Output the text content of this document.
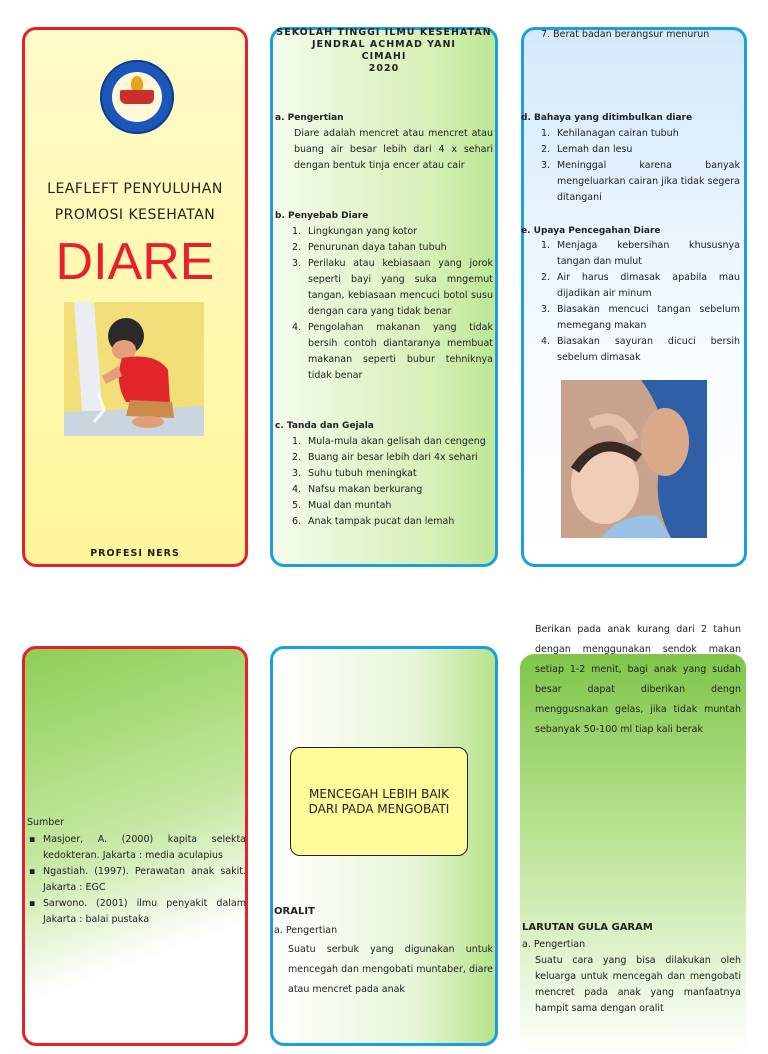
LEAFLEFT PENYULUHAN
PROMOSI KESEHATAN
DIARE
PROFESI NERS
SEKOLAH TINGGI ILMU KESEHATAN
JENDRAL ACHMAD YANI
CIMAHI
2020
a. Pengertian
Diare adalah mencret atau mencret atau buang air besar lebih dari 4 x sehari dengan bentuk tinja encer atau cair
b. Penyebab Diare
1. Lingkungan yang kotor
2. Penurunan daya tahan tubuh
3. Perilaku atau kebiasaan yang jorok seperti bayi yang suka mngemut tangan, kebiasaan mencuci botol susu dengan cara yang tidak benar
4. Pengolahan makanan yang tidak bersih contoh diantaranya membuat makanan seperti bubur tehniknya tidak benar
c. Tanda dan Gejala
1. Mula-mula akan gelisah dan cengeng
2. Buang air besar lebih dari 4x sehari
3. Suhu tubuh meningkat
4. Nafsu makan berkurang
5. Mual dan muntah
6. Anak tampak pucat dan lemah
7. Berat badan berangsur menurun
d. Bahaya yang ditimbulkan diare
1. Kehilanagan cairan tubuh
2. Lemah dan lesu
3. Meninggal karena banyak mengeluarkan cairan jika tidak segera ditangani
e. Upaya Pencegahan Diare
1. Menjaga kebersihan khususnya tangan dan mulut
2. Air harus dimasak apabila mau dijadikan air minum
3. Biasakan mencuci tangan sebelum memegang makan
4. Biasakan sayuran dicuci bersih sebelum dimasak
Sumber
▪ Masjoer, A. (2000) kapita selekta kedokteran. Jakarta : media aculapius
▪ Ngastiah. (1997). Perawatan anak sakit. Jakarta : EGC
▪ Sarwono. (2001) ilmu penyakit dalam Jakarta : balai pustaka
MENCEGAH LEBIH BAIK DARI PADA MENGOBATI
ORALIT
a. Pengertian
Suatu serbuk yang digunakan untuk mencegah dan mengobati muntaber, diare atau mencret pada anak
Berikan pada anak kurang dari 2 tahun dengan menggunakan sendok makan setiap 1-2 menit, bagi anak yang sudah besar dapat diberikan dengn menggusnakan gelas, jika tidak muntah sebanyak 50-100 ml tiap kali berak
LARUTAN GULA GARAM
a. Pengertian
Suatu cara yang bisa dilakukan oleh keluarga untuk mencegah dan mengobati mencret pada anak yang manfaatnya hampit sama dengan oralit
